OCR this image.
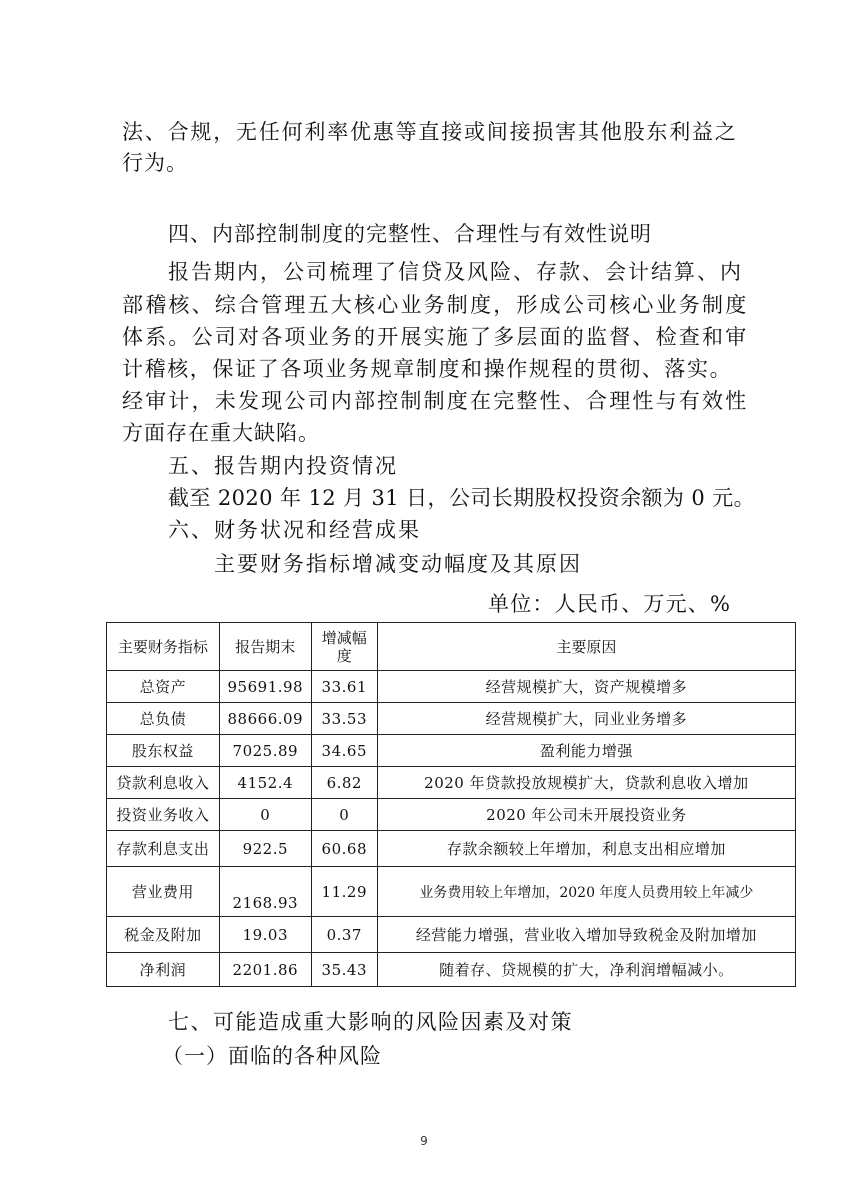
法、合规，无任何利率优惠等直接或间接损害其他股东利益之
行为。
四、内部控制制度的完整性、合理性与有效性说明
报告期内，公司梳理了信贷及风险、存款、会计结算、内
部稽核、综合管理五大核心业务制度，形成公司核心业务制度
体系。公司对各项业务的开展实施了多层面的监督、检查和审
计稽核，保证了各项业务规章制度和操作规程的贯彻、落实。
经审计，未发现公司内部控制制度在完整性、合理性与有效性
方面存在重大缺陷。
五、报告期内投资情况
截至 2020 年 12 月 31 日，公司长期股权投资余额为 0 元。
六、财务状况和经营成果
主要财务指标增减变动幅度及其原因
单位：人民币、万元、%
主要财务指标	报告期末	增减幅度	主要原因
总资产	95691.98	33.61	经营规模扩大，资产规模增多
总负债	88666.09	33.53	经营规模扩大，同业业务增多
股东权益	7025.89	34.65	盈利能力增强
贷款利息收入	4152.4	6.82	2020 年贷款投放规模扩大，贷款利息收入增加
投资业务收入	0	0	2020 年公司未开展投资业务
存款利息支出	922.5	60.68	存款余额较上年增加，利息支出相应增加
营业费用	2168.93	11.29	业务费用较上年增加，2020 年度人员费用较上年减少
税金及附加	19.03	0.37	经营能力增强，营业收入增加导致税金及附加增加
净利润	2201.86	35.43	随着存、贷规模的扩大，净利润增幅减小。
七、可能造成重大影响的风险因素及对策
（一）面临的各种风险
9
